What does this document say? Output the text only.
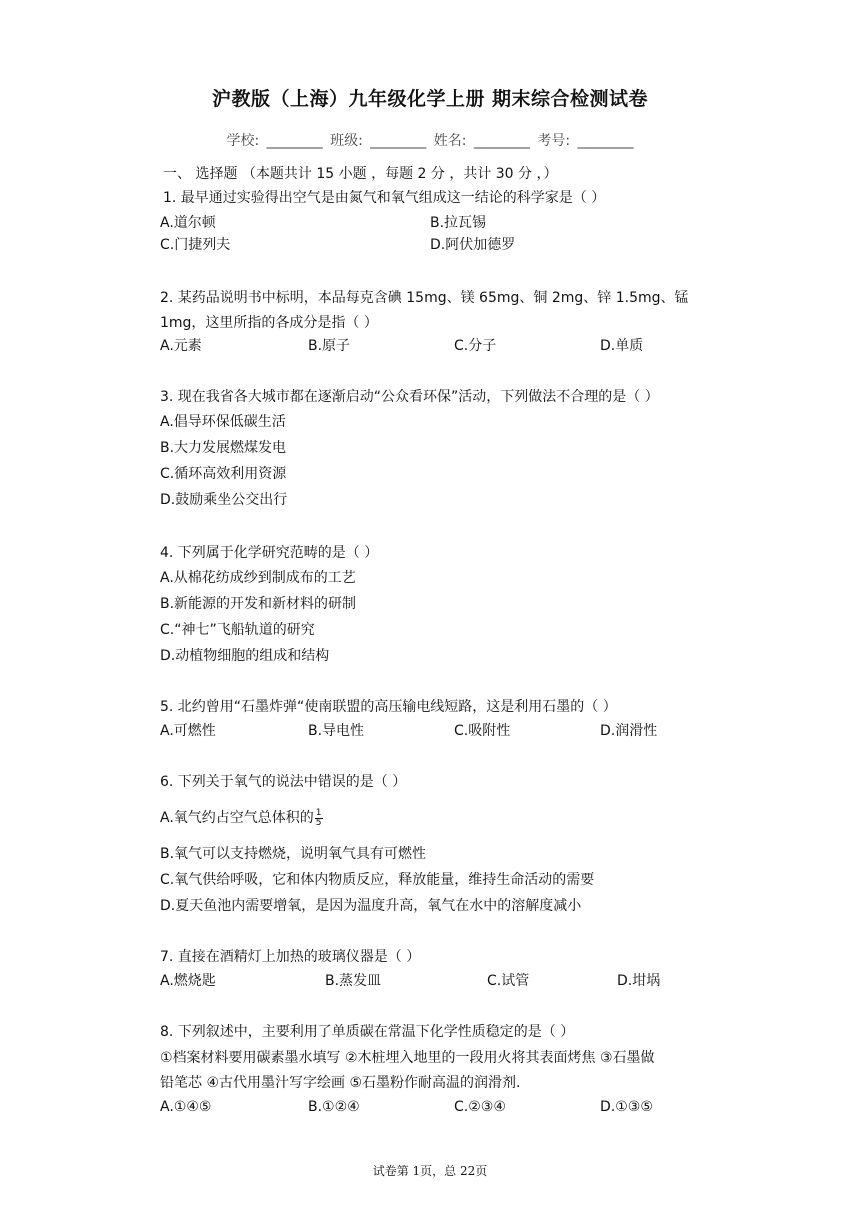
沪教版（上海）九年级化学上册 期末综合检测试卷
学校: ________ 班级: ________ 姓名: ________ 考号: ________
一、 选择题 （本题共计 15 小题 ，每题 2 分 ，共计 30 分 ，）
1. 最早通过实验得出空气是由氮气和氧气组成这一结论的科学家是（ ）
A.道尔顿	B.拉瓦锡
C.门捷列夫	D.阿伏加德罗
2. 某药品说明书中标明，本品每克含碘 15mg、镁 65mg、铜 2mg、锌 1.5mg、锰
1mg，这里所指的各成分是指（ ）
A.元素	B.原子	C.分子	D.单质
3. 现在我省各大城市都在逐渐启动“公众看环保”活动，下列做法不合理的是（ ）
A.倡导环保低碳生活
B.大力发展燃煤发电
C.循环高效利用资源
D.鼓励乘坐公交出行
4. 下列属于化学研究范畴的是（ ）
A.从棉花纺成纱到制成布的工艺
B.新能源的开发和新材料的研制
C.“神七”飞船轨道的研究
D.动植物细胞的组成和结构
5. 北约曾用“石墨炸弹“使南联盟的高压输电线短路，这是利用石墨的（ ）
A.可燃性	B.导电性	C.吸附性	D.润滑性
6. 下列关于氧气的说法中错误的是（ ）
A.氧气约占空气总体积的 $\frac{1}{5}$
B.氧气可以支持燃烧，说明氧气具有可燃性
C.氧气供给呼吸，它和体内物质反应，释放能量，维持生命活动的需要
D.夏天鱼池内需要增氧，是因为温度升高，氧气在水中的溶解度减小
7. 直接在酒精灯上加热的玻璃仪器是（ ）
A.燃烧匙	B.蒸发皿	C.试管	D.坩埚
8. 下列叙述中，主要利用了单质碳在常温下化学性质稳定的是（ ）
①档案材料要用碳素墨水填写 ②木桩埋入地里的一段用火将其表面烤焦 ③石墨做
铅笔芯 ④古代用墨汁写字绘画 ⑤石墨粉作耐高温的润滑剂.
A.①④⑤	B.①②④	C.②③④	D.①③⑤
试卷第 1页，总 22页
